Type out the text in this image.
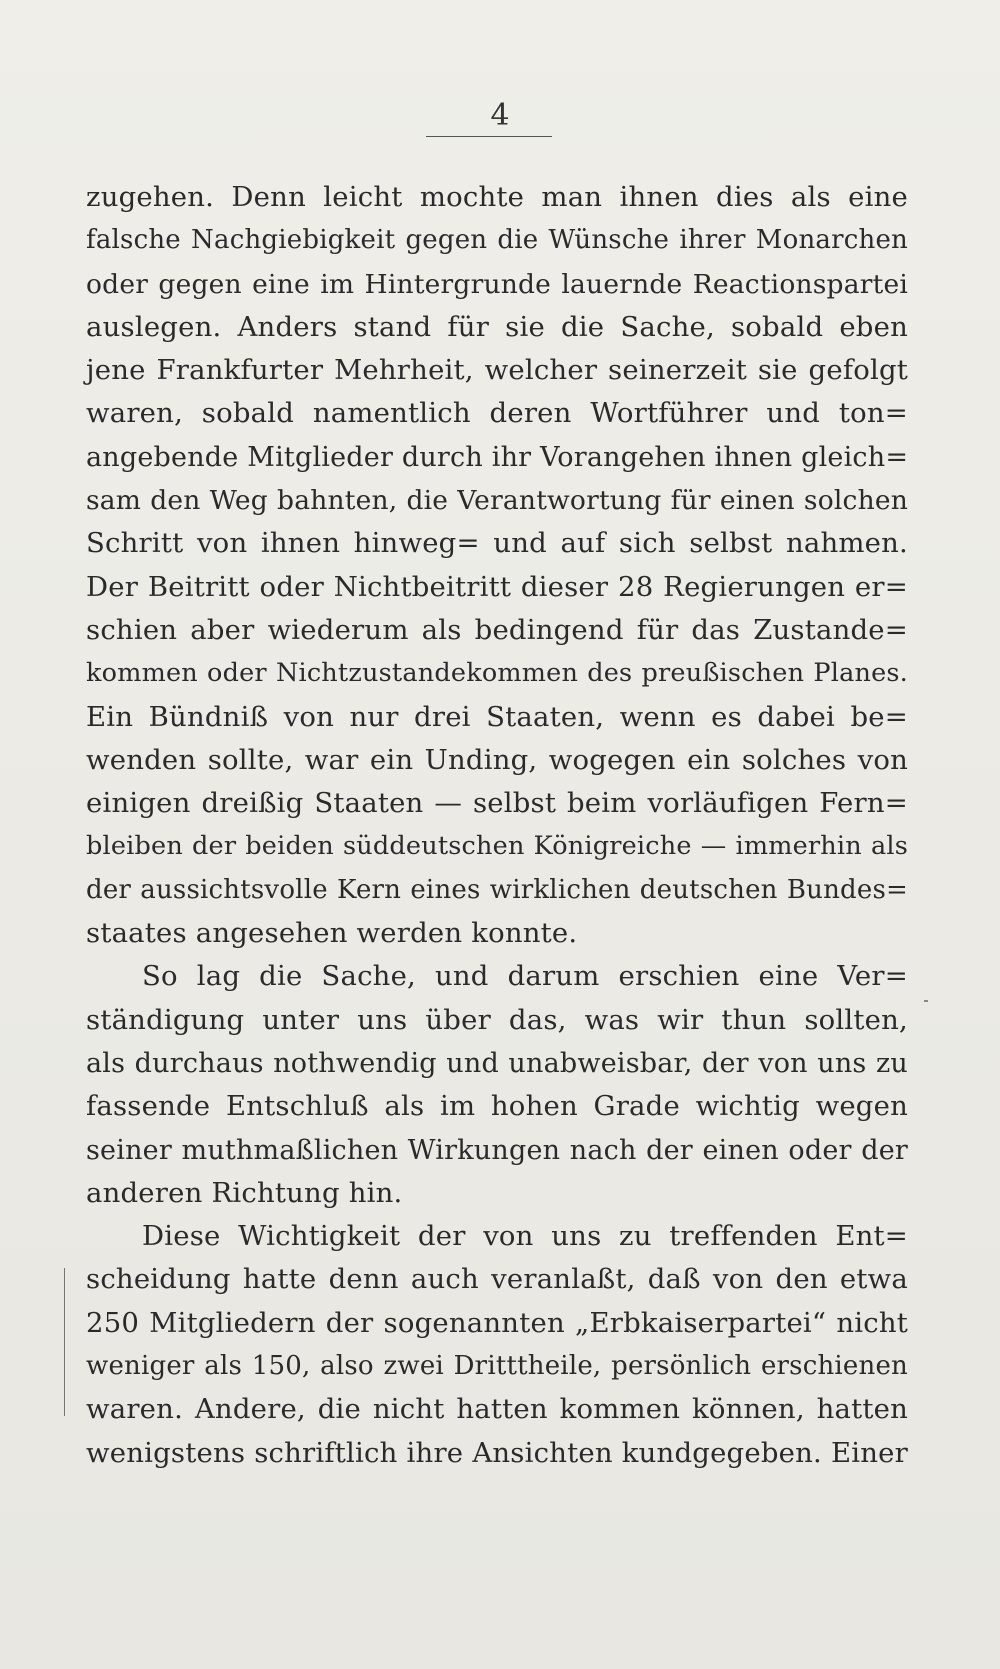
4
zugehen. Denn leicht mochte man ihnen dies als eine
falsche Nachgiebigkeit gegen die Wünsche ihrer Monarchen
oder gegen eine im Hintergrunde lauernde Reactionspartei
auslegen. Anders stand für sie die Sache, sobald eben
jene Frankfurter Mehrheit, welcher seinerzeit sie gefolgt
waren, sobald namentlich deren Wortführer und ton=
angebende Mitglieder durch ihr Vorangehen ihnen gleich=
sam den Weg bahnten, die Verantwortung für einen solchen
Schritt von ihnen hinweg= und auf sich selbst nahmen.
Der Beitritt oder Nichtbeitritt dieser 28 Regierungen er=
schien aber wiederum als bedingend für das Zustande=
kommen oder Nichtzustandekommen des preußischen Planes.
Ein Bündniß von nur drei Staaten, wenn es dabei be=
wenden sollte, war ein Unding, wogegen ein solches von
einigen dreißig Staaten — selbst beim vorläufigen Fern=
bleiben der beiden süddeutschen Königreiche — immerhin als
der aussichtsvolle Kern eines wirklichen deutschen Bundes=
staates angesehen werden konnte.
So lag die Sache, und darum erschien eine Ver=
ständigung unter uns über das, was wir thun sollten,
als durchaus nothwendig und unabweisbar, der von uns zu
fassende Entschluß als im hohen Grade wichtig wegen
seiner muthmaßlichen Wirkungen nach der einen oder der
anderen Richtung hin.
Diese Wichtigkeit der von uns zu treffenden Ent=
scheidung hatte denn auch veranlaßt, daß von den etwa
250 Mitgliedern der sogenannten „Erbkaiserpartei“ nicht
weniger als 150, also zwei Dritttheile, persönlich erschienen
waren. Andere, die nicht hatten kommen können, hatten
wenigstens schriftlich ihre Ansichten kundgegeben. Einer
